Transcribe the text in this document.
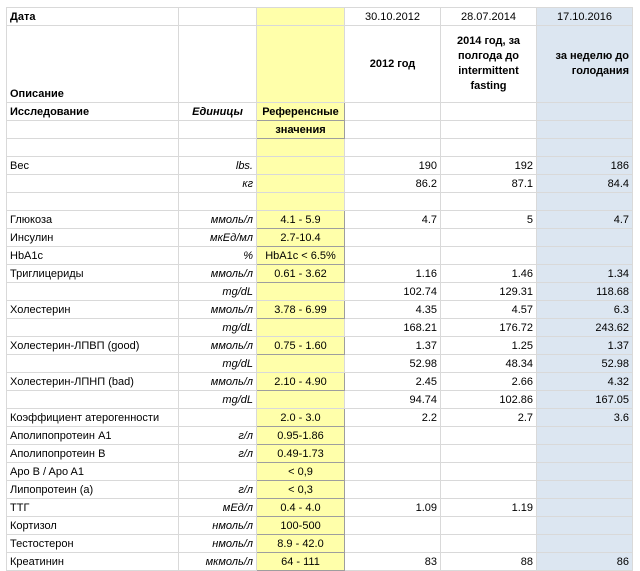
Дата			30.10.2012	28.07.2014	17.10.2016
Описание			2012 год	2014 год, за полгода до intermittent fasting	за неделю до голодания
Исследование	Единицы	Референсные			
		значения			

Вес	lbs.		190	192	186
	кг		86.2	87.1	84.4

Глюкоза	ммоль/л	4.1 - 5.9	4.7	5	4.7
Инсулин	мкЕд/мл	2.7-10.4			
HbA1c	%	HbA1c < 6.5%			
Триглицериды	ммоль/л	0.61 - 3.62	1.16	1.46	1.34
	mg/dL		102.74	129.31	118.68
Холестерин	ммоль/л	3.78 - 6.99	4.35	4.57	6.3
	mg/dL		168.21	176.72	243.62
Холестерин-ЛПВП (good)	ммоль/л	0.75 - 1.60	1.37	1.25	1.37
	mg/dL		52.98	48.34	52.98
Холестерин-ЛПНП (bad)	ммоль/л	2.10 - 4.90	2.45	2.66	4.32
	mg/dL		94.74	102.86	167.05
Коэффициент атерогенности		2.0 - 3.0	2.2	2.7	3.6
Аполипопротеин А1	г/л	0.95-1.86			
Аполипопротеин В	г/л	0.49-1.73			
Apo B / Apo A1		< 0,9			
Липопротеин (а)	г/л	< 0,3			
ТТГ	мЕд/л	0.4 - 4.0	1.09	1.19	
Кортизол	нмоль/л	100-500			
Тестостерон	нмоль/л	8.9 - 42.0			
Креатинин	мкмоль/л	64 - 111	83	88	86
